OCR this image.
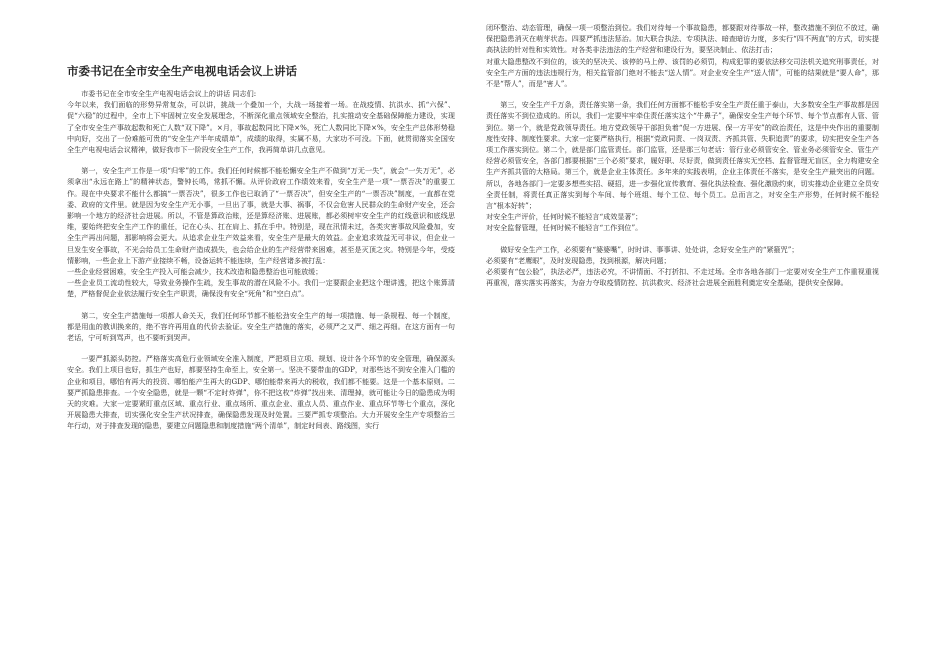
市委书记在全市安全生产电视电话会议上讲话

市委书记在全市安全生产电视电话会议上的讲话 同志们:

今年以来，我们面临的形势异常复杂，可以讲，挑战一个叠加一个，大战一场接着一场。在战疫情、抗洪水、抓“六保”、促“六稳”的过程中，全市上下牢固树立安全发展理念，不断深化重点领域安全整治，扎实推动安全基础保障能力建设，实现了全市安全生产事故起数和死亡人数“双下降”。×月，事故起数同比下降×%，死亡人数同比下降×%，安全生产总体形势稳中向好，交出了一份难能可贵的“安全生产半年成绩单”，成绩的取得，实属不易，大家功不可没。下面，就贯彻落实全国安全生产电视电话会议精神，做好我市下一阶段安全生产工作，我再简单讲几点意见。

第一，安全生产工作是一项“归零”的工作。我们任何时候都不能松懈安全生产不做到“万无一失”，就会“一失万无”，必须拿出“永远在路上”的精神状态，警钟长鸣，常抓不懈。从评价政府工作绩效来看，安全生产是一项“一票否决”的重要工作。现在中央要求不能什么都搞“一票否决”，很多工作也已取消了“一票否决”，但安全生产的“一票否决”制度，一直都在党委、政府的文件里。就是因为安全生产无小事，一旦出了事，就是大事、祸事，不仅会危害人民群众的生命财产安全，还会影响一个地方的经济社会进展。所以，不管是算政治账，还是算经济账、进展账，都必须树牢安全生产的红线意识和底线思维，要始终把安全生产工作的重任，记在心头、扛在肩上、抓在手中。特别是，现在汛情未过，各类灾害事故风险叠加，安全生产再出问题，那影响将会更大。从追求企业生产效益来看，安全生产是最大的效益。企业追求效益无可非议，但企业一旦发生安全事故，不光会给员工生命财产造成损失，也会给企业的生产经营带来困难，甚至是灭顶之灾。特别是今年，受疫情影响，一些企业上下游产业接续不畅，设备运转不能连续，生产经营诸多被打乱：

一些企业经营困难，安全生产投入可能会减少，技术改造和隐患整治也可能放缓；

一些企业员工流动性较大，导致业务操作生疏，发生事故的潜在风险不小。我们一定要跟企业把这个理讲透，把这个账算清楚，严格督促企业依法履行安全生产职责，确保没有安全“死角”和“空白点”。

第二，安全生产措施每一项都人命关天，我们任何环节都不能松劲安全生产的每一项措施、每一条规程、每一个制度，都是用血的教训换来的，绝不容许再用血的代价去验证。安全生产措施的落实，必须严之又严、细之再细。在这方面有一句老话，宁可听到骂声，也不要听到哭声。

一要严抓源头防控。严格落实高危行业领域安全准入制度，严把项目立项、规划、设计各个环节的安全管理，确保源头安全。我们上项目也好，抓生产也好，都要坚持生命至上，安全第一。坚决不要带血的GDP，对那些达不到安全准入门槛的企业和项目，哪怕有再大的投资、哪怕能产生再大的GDP、哪怕能带来再大的税收，我们都不能要。这是一个基本原则。二要严抓隐患排查。一个安全隐患，就是一颗“不定时炸弹”，你不把这枚“炸弹”找出来、清理掉，就可能让今日的隐患成为明天的灾难。大家一定要紧盯重点区域、重点行业、重点场所、重点企业、重点人员、重点作业、重点环节等七个重点，深化开展隐患大排查，切实强化安全生产状况排查，确保隐患发现及时处置。三要严抓专项整治。大力开展安全生产专项整治三年行动，对于排查发现的隐患，要建立问题隐患和制度措施“两个清单”，制定时间表、路线图，实行

闭环整治、动态管理，确保一项一项整治到位。我们对待每一个事故隐患，都要跟对待事故一样，整改措施不到位不放过，确保把隐患消灭在萌芽状态。四要严抓违法惩治。加大联合执法、专项执法、暗查暗访力度，多实行“四不两直”的方式，切实提高执法的针对性和实效性。对各类非法违法的生产经营和建设行为，要坚决制止、依法打击；

对重大隐患整改不到位的，该关的坚决关、该停的马上停、该罚的必须罚，构成犯罪的要依法移交司法机关追究刑事责任，对安全生产方面的违法违规行为，相关监管部门绝对不能去“送人情”。对企业安全生产“送人情”，可能的结果就是“要人命”，那不是“帮人”，而是“害人”。

第三，安全生产千万条，责任落实第一条，我们任何方面都不能松手安全生产责任重于泰山，大多数安全生产事故都是因责任落实不到位造成的。所以，我们一定要牢牢牵住责任落实这个“牛鼻子”，确保安全生产每个环节、每个节点都有人管、管到位。第一个，就是党政领导责任。地方党政领导干部担负着“促一方进展、保一方平安”的政治责任，这是中央作出的重要制度性安排、制度性要求。大家一定要严格执行，根据“党政同责、一岗双责、齐抓共管、失职追责”的要求，切实把安全生产各项工作落实到位。第二个，就是部门监管责任。部门监管，还是那三句老话：管行业必须管安全、管业务必须管安全、管生产经营必须管安全，各部门都要根据“三个必须”要求，履好职、尽好责，做到责任落实无空档、监督管理无盲区，全力构建安全生产齐抓共管的大格局。第三个，就是企业主体责任。多年来的实践表明，企业主体责任不落实，是安全生产最突出的问题。所以，各地各部门一定要多想些实招、硬招，进一步强化宣传教育、强化执法检查、强化激励约束，切实推动企业建立全员安全责任制，将责任真正落实到每个车间、每个班组、每个工位、每个员工。总而言之，对安全生产形势，任何时候不能轻言“根本好转”；

对安全生产评价，任何时候不能轻言“成效显著”；

对安全监督管理，任何时候不能轻言“工作到位”。

做好安全生产工作，必须要有“婆婆嘴”，时时讲、事事讲、处处讲，念好安全生产的“紧箍咒”；

必须要有“老鹰眼”，及时发现隐患，找到根源，解决问题；

必须要有“包公脸”，执法必严，违法必究，不讲情面、不打折扣、不走过场。全市各地各部门一定要对安全生产工作重视重视再重视，落实落实再落实，为奋力夺取疫情防控、抗洪救灾、经济社会进展全面胜利奠定安全基础，提供安全保障。
